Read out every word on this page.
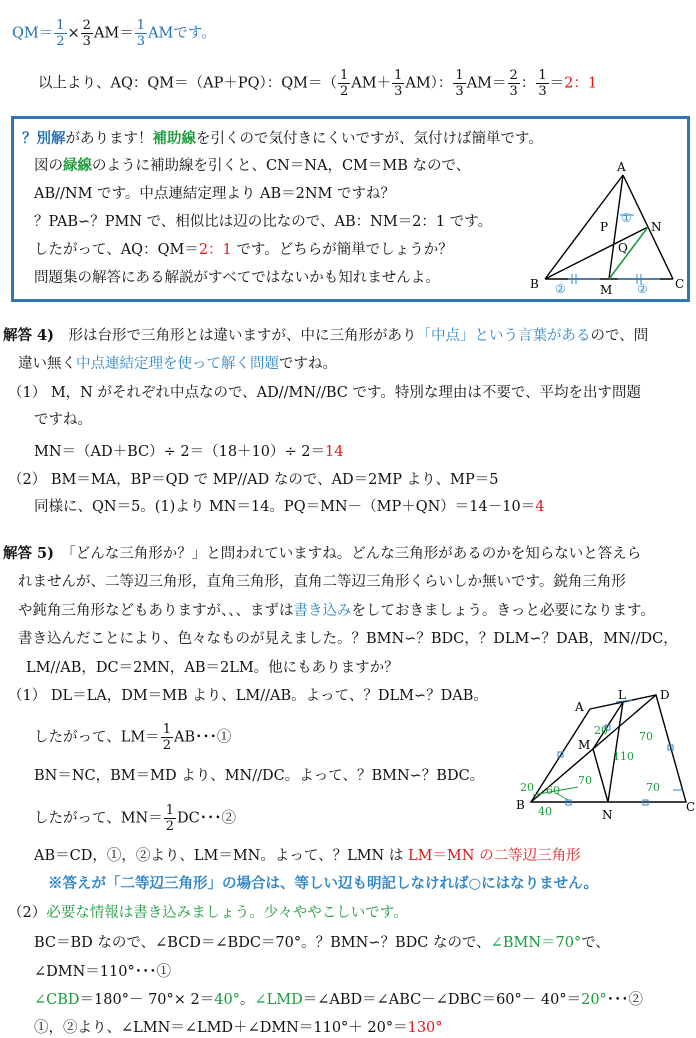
$QM= \frac{1}{2} \times \frac{2}{3} AM= \frac{1}{3}$ AMです。
以上より、AQ：QM＝（AP＋PQ）：$QM=( \frac{1}{2} AM+ \frac{1}{3} AM)$： $\frac{1}{3} AM= \frac{2}{3}$ ： $\frac{1}{3} =2$：1
？別解があります！補助線を引くので気付きにくいですが、気付けば簡単です。
図の緑線のように補助線を引くと、CN＝NA，CM＝MB なので、
AB//NM です。中点連結定理より AB＝2NM ですね？
？PAB∽？PMN で、相似比は辺の比なので、AB：NM＝2：1 です。
したがって、AQ：QM＝2：1 です。どちらが簡単でしょうか？
問題集の解答にある解説がすべてではないかも知れませんよ。
A
P	N
Q
B	M	C
①
②	②
解答 4)　 形は台形で三角形とは違いますが、中に三角形があり「中点」という言葉があるので、問
違い無く中点連結定理を使って解く問題ですね。
（1） M，N がそれぞれ中点なので、AD//MN//BC です。特別な理由は不要で、平均を出す問題
ですね。
MN＝（AD＋BC）÷ 2＝（18＋10）÷ 2＝14
（2） BM＝MA，BP＝QD で MP//AD なので、AD＝2MP より、MP＝5
同様に、QN＝5。(1)より MN＝14。PQ＝MN－（MP＋QN）＝14－10＝4
解答 5)　 「どんな三角形か？」と問われていますね。どんな三角形があるのかを知らないと答えら
れませんが、二等辺三角形，直角三角形，直角二等辺三角形くらいしか無いです。鋭角三角形
や鈍角三角形などもありますが、、、まずは書き込みをしておきましょう。きっと必要になります。
書き込んだことにより、色々なものが見えました。？BMN∽？BDC，？DLM∽？DAB，MN//DC，
LM//AB，DC＝2MN，AB＝2LM。他にもありますか？
（1） DL＝LA，DM＝MB より、LM//AB。よって、？DLM∽？DAB。
したがって、$LM= \frac{1}{2}$ AB･･･①
BN＝NC，BM＝MD より、MN//DC。よって、？BMN∽？BDC。
したがって、$MN= \frac{1}{2}$ DC･･･②
AB＝CD，①，②より、LM＝MN。よって、？LMN は LM＝MN の二等辺三角形
※答えが「二等辺三角形」の場合は、等しい辺も明記しなければ○にはなりません。
（2）必要な情報は書き込みましょう。少々ややこしいです。
BC＝BD なので、∠BCD＝∠BDC＝70°。？BMN∽？BDC なので、∠BMN＝70°で、
∠DMN＝110°･･･①
∠CBD＝180°－ 70°× 2＝40°。∠LMD＝∠ABD＝∠ABC－∠DBC＝60°－ 40°＝20°･･･②
①，②より、∠LMN＝∠LMD＋∠DMN＝110°＋ 20°＝130°
A
L	D
M
B
N
C
20
110
70
70
70
20 60
40
